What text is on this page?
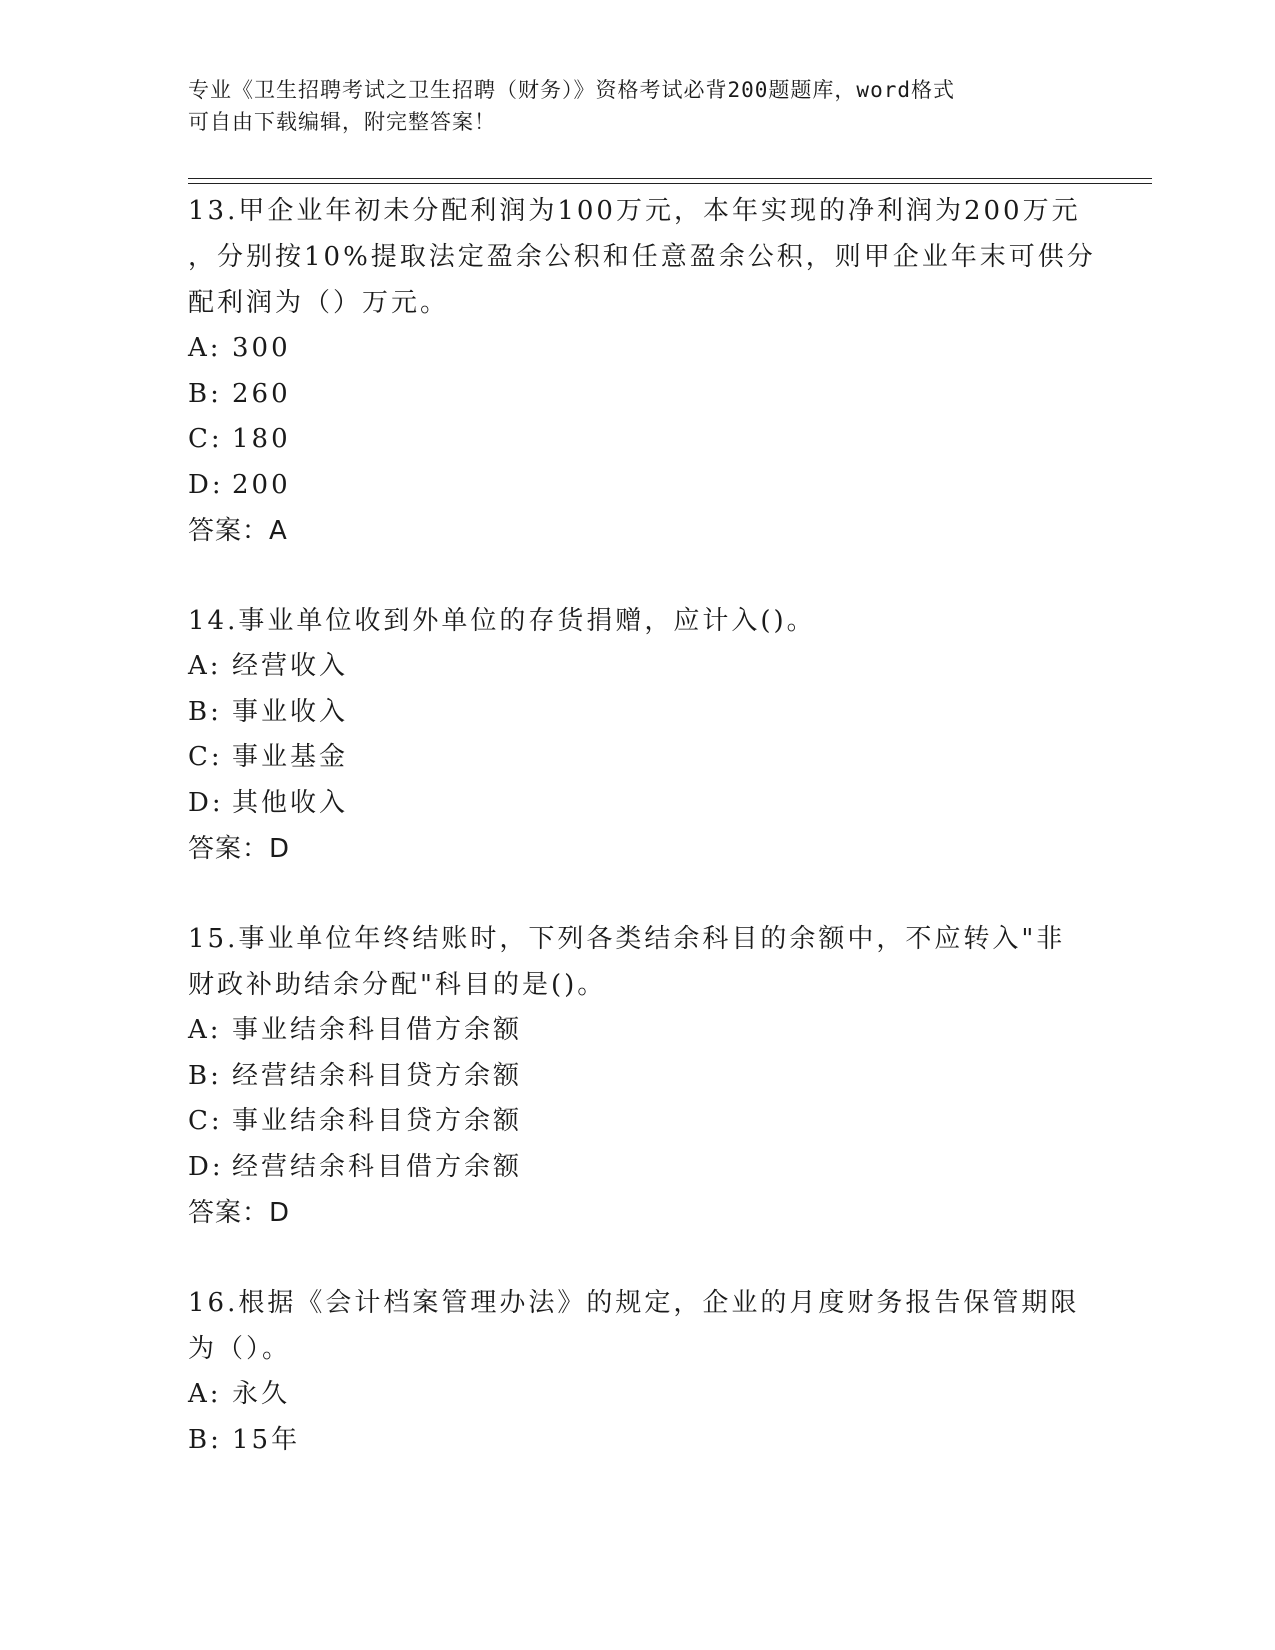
专业《卫生招聘考试之卫生招聘（财务）》资格考试必背200题题库，word格式
可自由下载编辑，附完整答案！
13.甲企业年初未分配利润为100万元，本年实现的净利润为200万元
，分别按10%提取法定盈余公积和任意盈余公积，则甲企业年末可供分
配利润为（）万元。
A: 300
B: 260
C: 180
D: 200
答案：A
14.事业单位收到外单位的存货捐赠，应计入()。
A: 经营收入
B: 事业收入
C: 事业基金
D: 其他收入
答案：D
15.事业单位年终结账时，下列各类结余科目的余额中，不应转入"非
财政补助结余分配"科目的是()。
A: 事业结余科目借方余额
B: 经营结余科目贷方余额
C: 事业结余科目贷方余额
D: 经营结余科目借方余额
答案：D
16.根据《会计档案管理办法》的规定，企业的月度财务报告保管期限
为（）。
A: 永久
B: 15年
